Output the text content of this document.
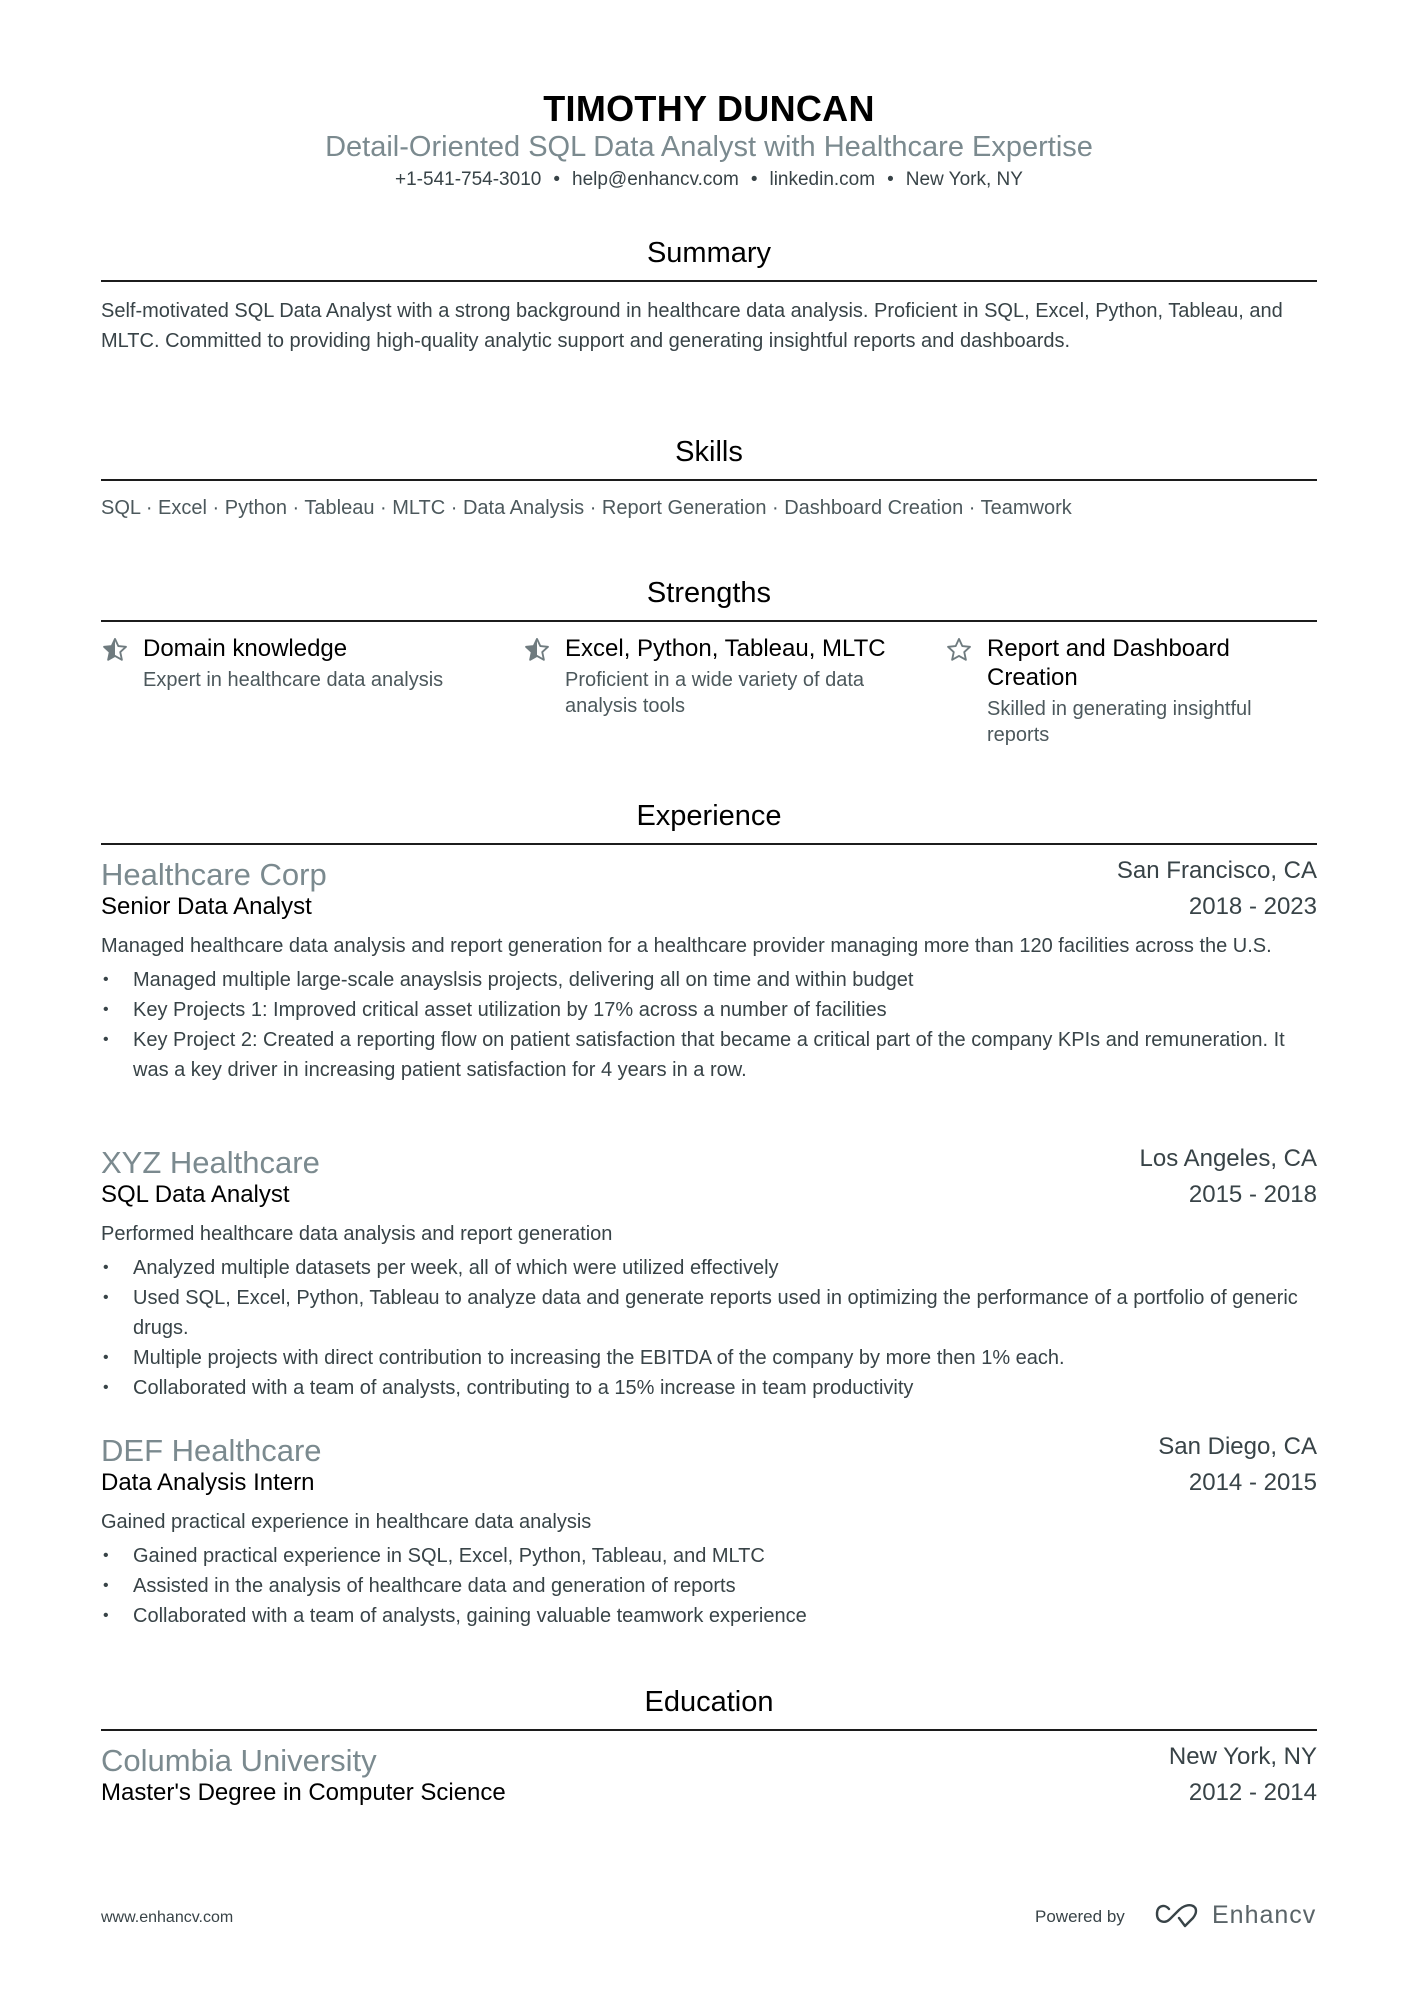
TIMOTHY DUNCAN
Detail-Oriented SQL Data Analyst with Healthcare Expertise
+1-541-754-3010 • help@enhancv.com • linkedin.com • New York, NY
Summary
Self-motivated SQL Data Analyst with a strong background in healthcare data analysis. Proficient in SQL, Excel, Python, Tableau, and MLTC. Committed to providing high-quality analytic support and generating insightful reports and dashboards.
Skills
SQL · Excel · Python · Tableau · MLTC · Data Analysis · Report Generation · Dashboard Creation · Teamwork
Strengths
Domain knowledge
Expert in healthcare data analysis
Excel, Python, Tableau, MLTC
Proficient in a wide variety of data analysis tools
Report and Dashboard Creation
Skilled in generating insightful reports
Experience
Healthcare Corp	San Francisco, CA
Senior Data Analyst	2018 - 2023
Managed healthcare data analysis and report generation for a healthcare provider managing more than 120 facilities across the U.S.
• Managed multiple large-scale anayslsis projects, delivering all on time and within budget
• Key Projects 1: Improved critical asset utilization by 17% across a number of facilities
• Key Project 2: Created a reporting flow on patient satisfaction that became a critical part of the company KPIs and remuneration. It was a key driver in increasing patient satisfaction for 4 years in a row.
XYZ Healthcare	Los Angeles, CA
SQL Data Analyst	2015 - 2018
Performed healthcare data analysis and report generation
• Analyzed multiple datasets per week, all of which were utilized effectively
• Used SQL, Excel, Python, Tableau to analyze data and generate reports used in optimizing the performance of a portfolio of generic drugs.
• Multiple projects with direct contribution to increasing the EBITDA of the company by more then 1% each.
• Collaborated with a team of analysts, contributing to a 15% increase in team productivity
DEF Healthcare	San Diego, CA
Data Analysis Intern	2014 - 2015
Gained practical experience in healthcare data analysis
• Gained practical experience in SQL, Excel, Python, Tableau, and MLTC
• Assisted in the analysis of healthcare data and generation of reports
• Collaborated with a team of analysts, gaining valuable teamwork experience
Education
Columbia University	New York, NY
Master's Degree in Computer Science	2012 - 2014
www.enhancv.com	Powered by	Enhancv
